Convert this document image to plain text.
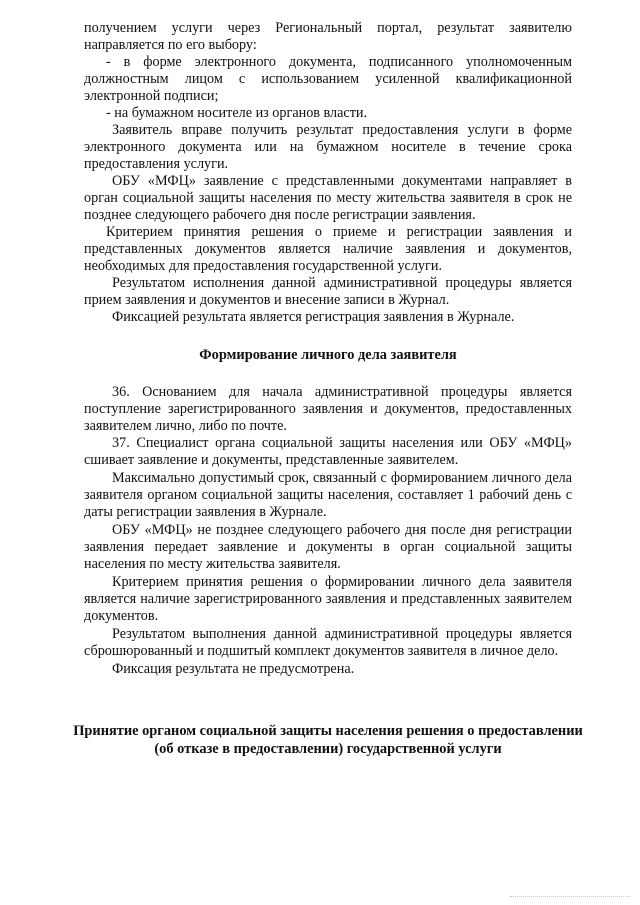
получением услуги через Региональный портал, результат заявителю направляется по его выбору:

- в форме электронного документа, подписанного уполномоченным должностным лицом с использованием усиленной квалификационной электронной подписи;

- на бумажном носителе из органов власти.

Заявитель вправе получить результат предоставления услуги в форме электронного документа или на бумажном носителе в течение срока предоставления услуги.

ОБУ «МФЦ» заявление с представленными документами направляет в орган социальной защиты населения по месту жительства заявителя в срок не позднее следующего рабочего дня после регистрации заявления.

Критерием принятия решения о приеме и регистрации заявления и представленных документов является наличие заявления и документов, необходимых для предоставления государственной услуги.

Результатом исполнения данной административной процедуры является прием заявления и документов и внесение записи в Журнал.

Фиксацией результата является регистрация заявления в Журнале.

Формирование личного дела заявителя

36. Основанием для начала административной процедуры является поступление зарегистрированного заявления и документов, предоставленных заявителем лично, либо по почте.

37. Специалист органа социальной защиты населения или ОБУ «МФЦ» сшивает заявление и документы, представленные заявителем.

Максимально допустимый срок, связанный с формированием личного дела заявителя органом социальной защиты населения, составляет 1 рабочий день с даты регистрации заявления в Журнале.

ОБУ «МФЦ» не позднее следующего рабочего дня после дня регистрации заявления передает заявление и документы в орган социальной защиты населения по месту жительства заявителя.

Критерием принятия решения о формировании личного дела заявителя является наличие зарегистрированного заявления и представленных заявителем документов.

Результатом выполнения данной административной процедуры является сброшюрованный и подшитый комплект документов заявителя в личное дело.

Фиксация результата не предусмотрена.

Принятие органом социальной защиты населения решения о предоставлении (об отказе в предоставлении) государственной услуги
